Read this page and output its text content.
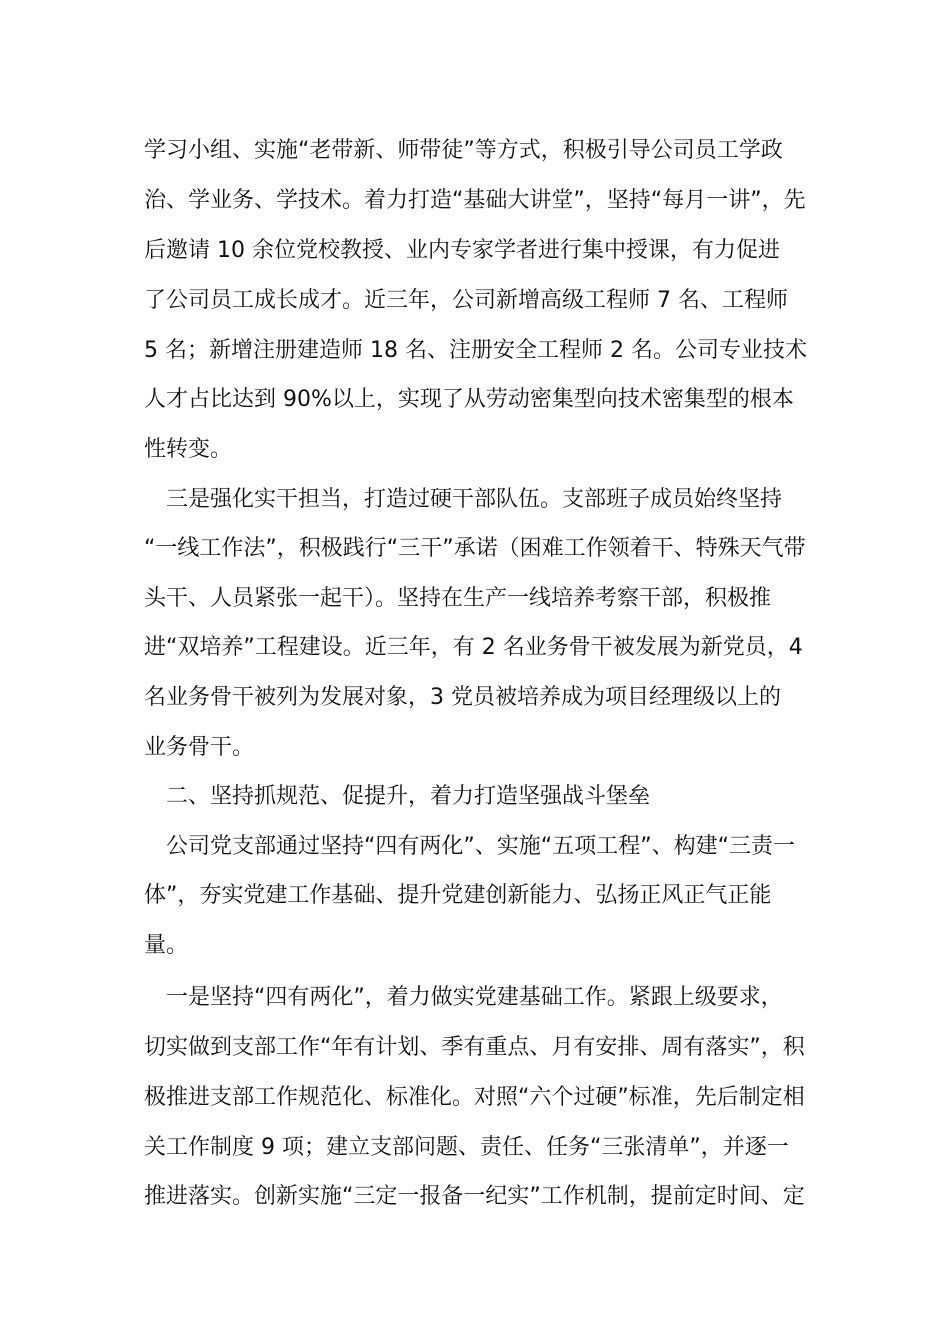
学习小组、实施“老带新、师带徒”等方式，积极引导公司员工学政
治、学业务、学技术。着力打造“基础大讲堂”，坚持“每月一讲”，先
后邀请 10 余位党校教授、业内专家学者进行集中授课，有力促进
了公司员工成长成才。近三年，公司新增高级工程师 7 名、工程师
5 名；新增注册建造师 18 名、注册安全工程师 2 名。公司专业技术
人才占比达到 90%以上，实现了从劳动密集型向技术密集型的根本
性转变。
　三是强化实干担当，打造过硬干部队伍。支部班子成员始终坚持
“一线工作法”，积极践行“三干”承诺（困难工作领着干、特殊天气带
头干、人员紧张一起干）。坚持在生产一线培养考察干部，积极推
进“双培养”工程建设。近三年，有 2 名业务骨干被发展为新党员，4
名业务骨干被列为发展对象，3 党员被培养成为项目经理级以上的
业务骨干。
　二、坚持抓规范、促提升，着力打造坚强战斗堡垒
　公司党支部通过坚持“四有两化”、实施“五项工程”、构建“三责一
体”，夯实党建工作基础、提升党建创新能力、弘扬正风正气正能
量。
　一是坚持“四有两化”，着力做实党建基础工作。紧跟上级要求，
切实做到支部工作“年有计划、季有重点、月有安排、周有落实”，积
极推进支部工作规范化、标准化。对照“六个过硬”标准，先后制定相
关工作制度 9 项；建立支部问题、责任、任务“三张清单”，并逐一
推进落实。创新实施“三定一报备一纪实”工作机制，提前定时间、定
